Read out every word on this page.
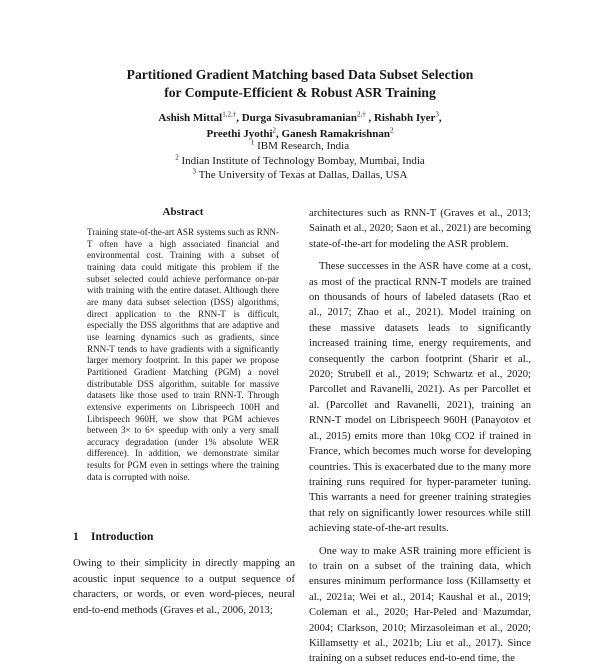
Partitioned Gradient Matching based Data Subset Selection
for Compute-Efficient & Robust ASR Training
Ashish Mittal$^{1,2,\dagger}$, Durga Sivasubramanian$^{2,\dagger}$ , Rishabh Iyer$^3$,
Preethi Jyothi$^2$, Ganesh Ramakrishnan$^2$
$^1$ IBM Research, India
$^2$ Indian Institute of Technology Bombay, Mumbai, India
$^3$ The University of Texas at Dallas, Dallas, USA
Abstract

Training state-of-the-art ASR systems such as RNN-T often have a high associated financial and environmental cost. Training with a subset of training data could mitigate this problem if the subset selected could achieve performance on-par with training with the entire dataset. Although there are many data subset selection (DSS) algorithms, direct application to the RNN-T is difficult, especially the DSS algorithms that are adaptive and use learning dynamics such as gradients, since RNN-T tends to have gradients with a significantly larger memory footprint. In this paper we propose Partitioned Gradient Matching (PGM) a novel distributable DSS algorithm, suitable for massive datasets like those used to train RNN-T. Through extensive experiments on Librispeech 100H and Librispeech 960H, we show that PGM achieves between 3× to 6× speedup with only a very small accuracy degradation (under 1% absolute WER difference). In addition, we demonstrate similar results for PGM even in settings where the training data is corrupted with noise.

1 Introduction

Owing to their simplicity in directly mapping an acoustic input sequence to a output sequence of characters, or words, or even word-pieces, neural end-to-end methods (Graves et al., 2006, 2013;

architectures such as RNN-T (Graves et al., 2013; Sainath et al., 2020; Saon et al., 2021) are becoming state-of-the-art for modeling the ASR problem.

These successes in the ASR have come at a cost, as most of the practical RNN-T models are trained on thousands of hours of labeled datasets (Rao et al., 2017; Zhao et al., 2021). Model training on these massive datasets leads to significantly increased training time, energy requirements, and consequently the carbon footprint (Sharir et al., 2020; Strubell et al., 2019; Schwartz et al., 2020; Parcollet and Ravanelli, 2021). As per Parcollet et al. (Parcollet and Ravanelli, 2021), training an RNN-T model on Librispeech 960H (Panayotov et al., 2015) emits more than 10kg CO2 if trained in France, which becomes much worse for developing countries. This is exacerbated due to the many more training runs required for hyper-parameter tuning. This warrants a need for greener training strategies that rely on significantly lower resources while still achieving state-of-the-art results.

One way to make ASR training more efficient is to train on a subset of the training data, which ensures minimum performance loss (Killamsetty et al., 2021a; Wei et al., 2014; Kaushal et al., 2019; Coleman et al., 2020; Har-Peled and Mazumdar, 2004; Clarkson, 2010; Mirzasoleiman et al., 2020; Killamsetty et al., 2021b; Liu et al., 2017). Since training on a subset reduces end-to-end time, the
